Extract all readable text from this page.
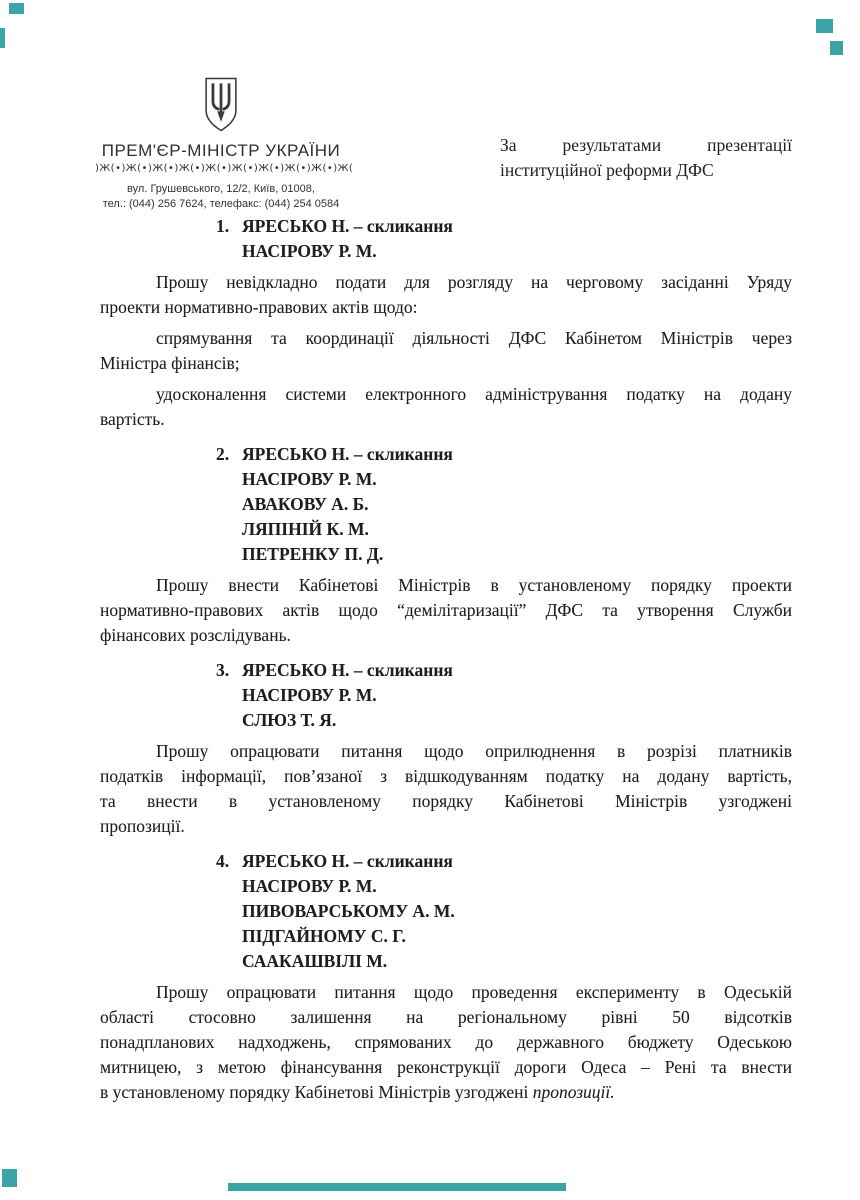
ПРЕМ'ЄР-МІНІСТР УКРАЇНИ
)Ж(•)Ж(•)Ж(•)Ж(•)Ж(•)Ж(•)Ж(•)Ж(•)Ж(•)Ж(
вул. Грушевського, 12/2, Київ, 01008,
тел.: (044) 256 7624, телефакс: (044) 254 0584
За результатами презентації
інституційної реформи ДФС
1. ЯРЕСЬКО Н. – скликання
НАСІРОВУ Р. М.
Прошу невідкладно подати для розгляду на черговому засіданні Уряду
проекти нормативно-правових актів щодо:
спрямування та координації діяльності ДФС Кабінетом Міністрів через
Міністра фінансів;
удосконалення системи електронного адміністрування податку на додану
вартість.
2. ЯРЕСЬКО Н. – скликання
НАСІРОВУ Р. М.
АВАКОВУ А. Б.
ЛЯПІНІЙ К. М.
ПЕТРЕНКУ П. Д.
Прошу внести Кабінетові Міністрів в установленому порядку проекти
нормативно-правових актів щодо “демілітаризації” ДФС та утворення Служби
фінансових розслідувань.
3. ЯРЕСЬКО Н. – скликання
НАСІРОВУ Р. М.
СЛЮЗ Т. Я.
Прошу опрацювати питання щодо оприлюднення в розрізі платників
податків інформації, пов’язаної з відшкодуванням податку на додану вартість,
та внести в установленому порядку Кабінетові Міністрів узгоджені
пропозиції.
4. ЯРЕСЬКО Н. – скликання
НАСІРОВУ Р. М.
ПИВОВАРСЬКОМУ А. М.
ПІДГАЙНОМУ С. Г.
СААКАШВІЛІ М.
Прошу опрацювати питання щодо проведення експерименту в Одеській
області стосовно залишення на регіональному рівні 50 відсотків
понадпланових надходжень, спрямованих до державного бюджету Одеською
митницею, з метою фінансування реконструкції дороги Одеса – Рені та внести
в установленому порядку Кабінетові Міністрів узгоджені пропозиції.
